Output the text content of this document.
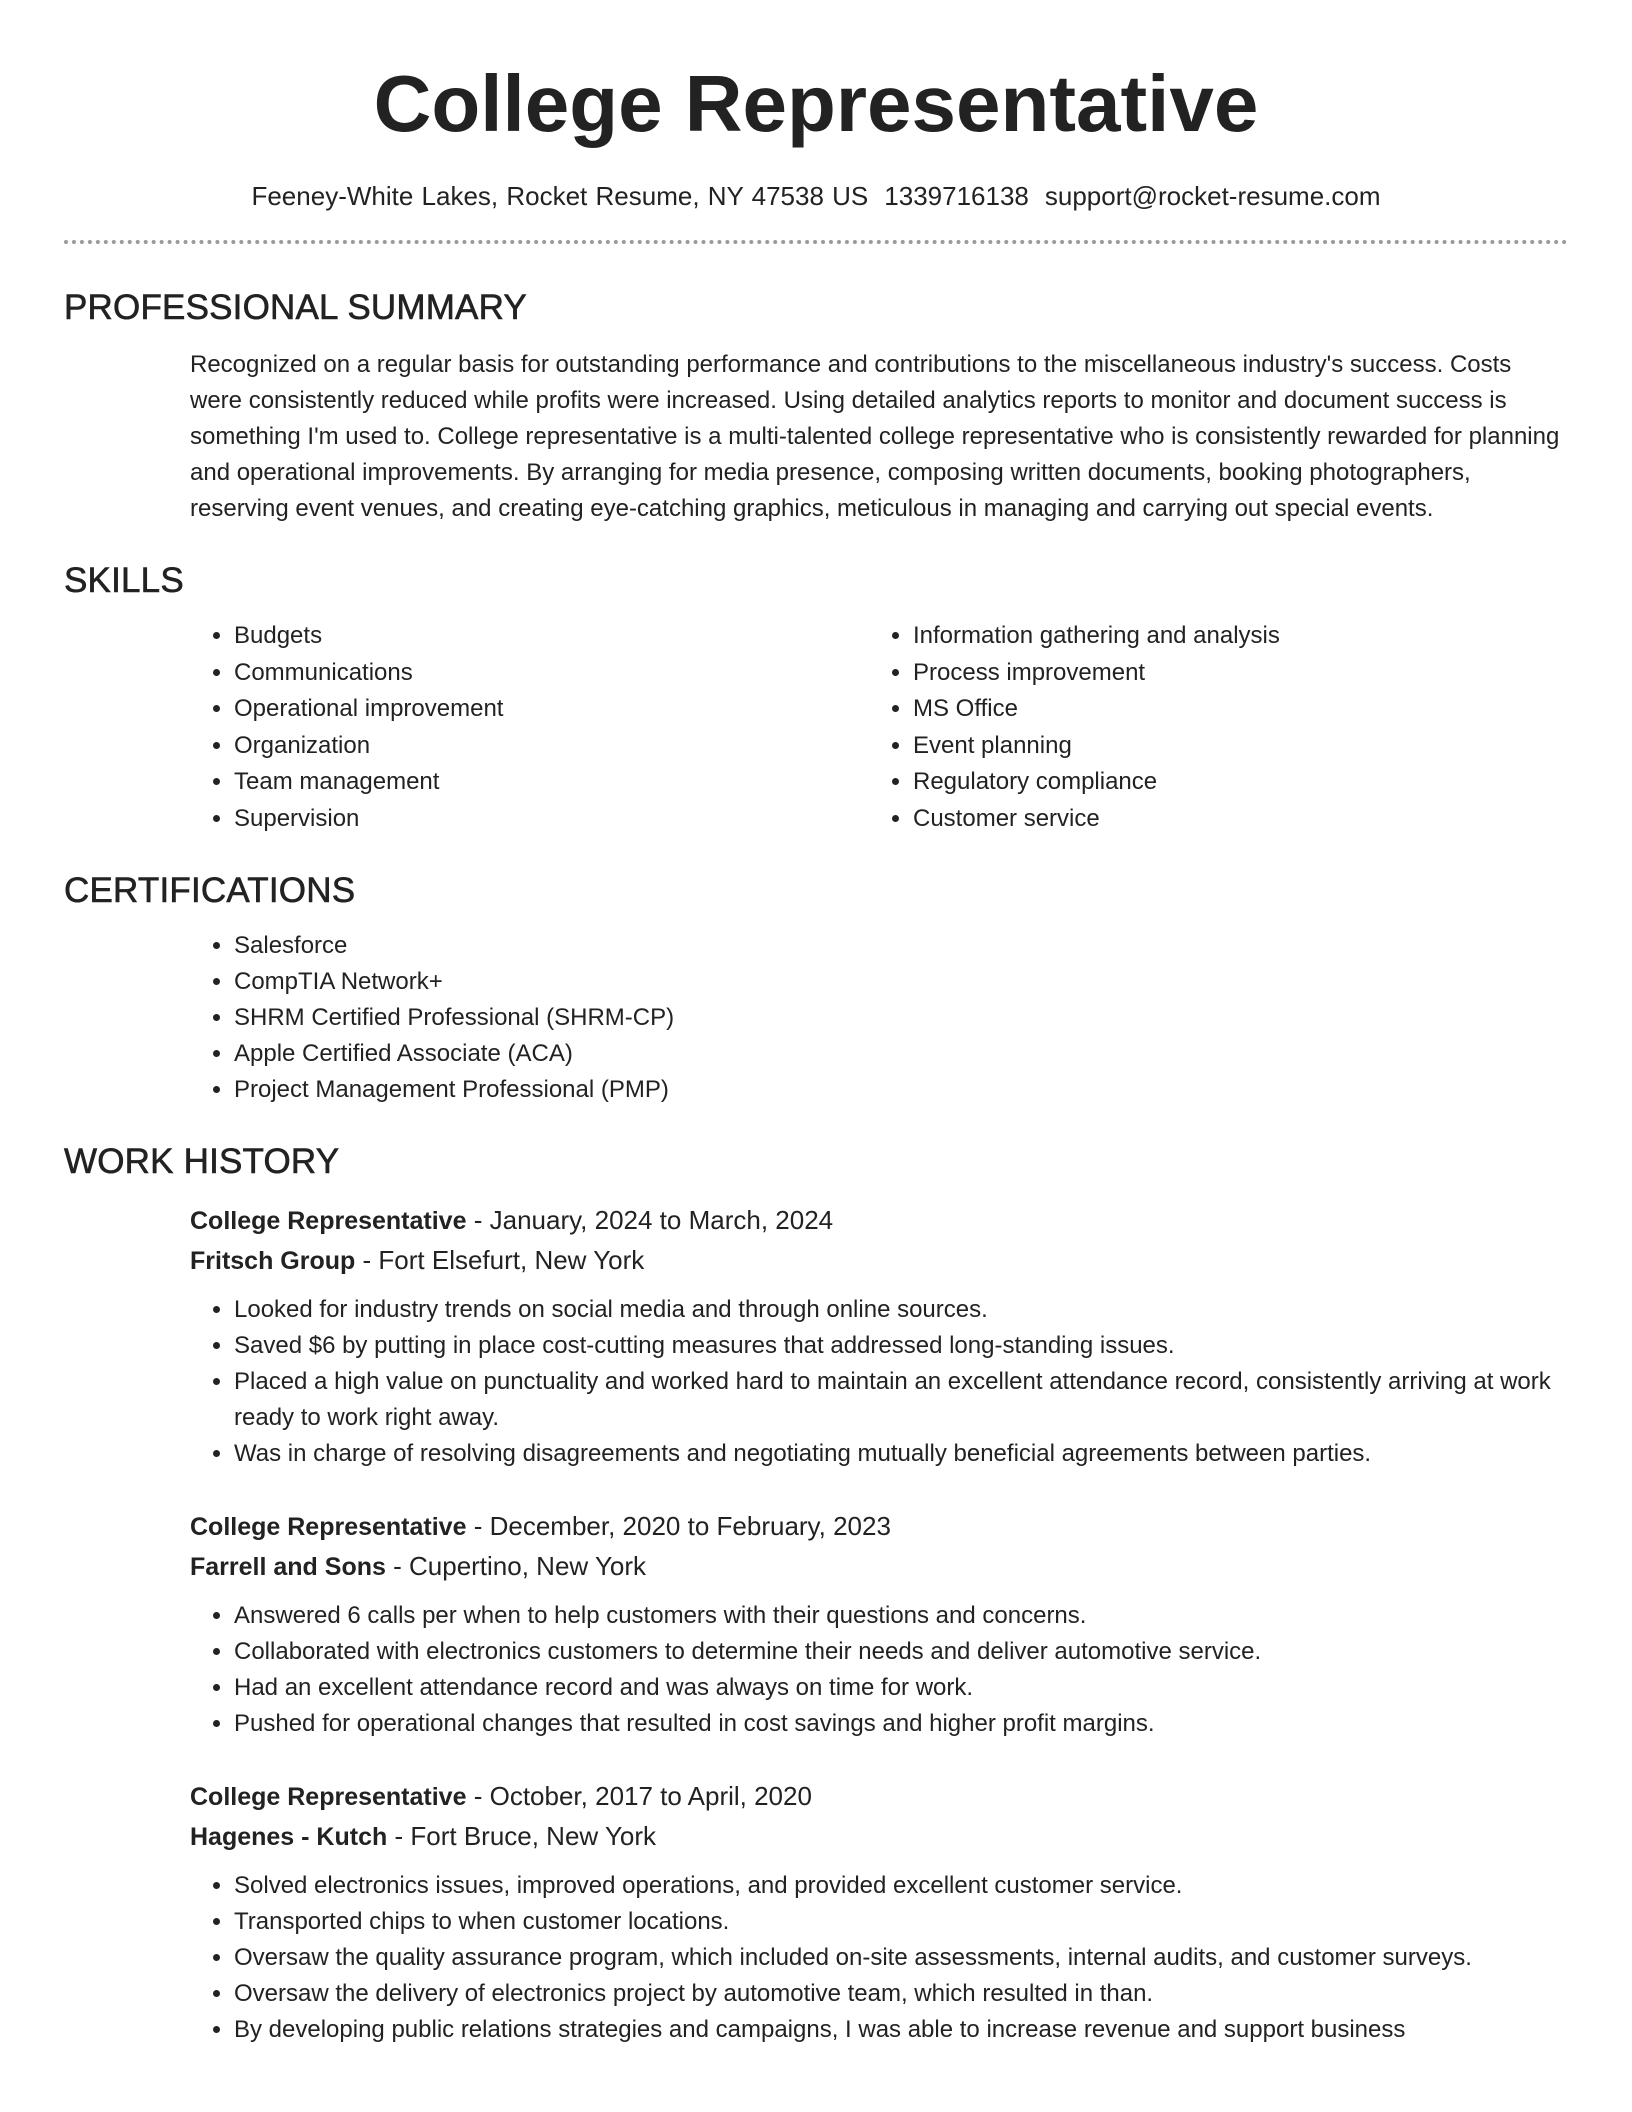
College Representative
Feeney-White Lakes, Rocket Resume, NY 47538 US 1339716138 support@rocket-resume.com
PROFESSIONAL SUMMARY

Recognized on a regular basis for outstanding performance and contributions to the miscellaneous industry's success. Costs were consistently reduced while profits were increased. Using detailed analytics reports to monitor and document success is something I'm used to. College representative is a multi-talented college representative who is consistently rewarded for planning and operational improvements. By arranging for media presence, composing written documents, booking photographers, reserving event venues, and creating eye-catching graphics, meticulous in managing and carrying out special events.

SKILLS
• Budgets
• Communications
• Operational improvement
• Organization
• Team management
• Supervision
• Information gathering and analysis
• Process improvement
• MS Office
• Event planning
• Regulatory compliance
• Customer service
CERTIFICATIONS
• Salesforce
• CompTIA Network+
• SHRM Certified Professional (SHRM-CP)
• Apple Certified Associate (ACA)
• Project Management Professional (PMP)
WORK HISTORY
College Representative - January, 2024 to March, 2024
Fritsch Group - Fort Elsefurt, New York
• Looked for industry trends on social media and through online sources.
• Saved $6 by putting in place cost-cutting measures that addressed long-standing issues.
• Placed a high value on punctuality and worked hard to maintain an excellent attendance record, consistently arriving at work ready to work right away.
• Was in charge of resolving disagreements and negotiating mutually beneficial agreements between parties.
College Representative - December, 2020 to February, 2023
Farrell and Sons - Cupertino, New York
• Answered 6 calls per when to help customers with their questions and concerns.
• Collaborated with electronics customers to determine their needs and deliver automotive service.
• Had an excellent attendance record and was always on time for work.
• Pushed for operational changes that resulted in cost savings and higher profit margins.
College Representative - October, 2017 to April, 2020
Hagenes - Kutch - Fort Bruce, New York
• Solved electronics issues, improved operations, and provided excellent customer service.
• Transported chips to when customer locations.
• Oversaw the quality assurance program, which included on-site assessments, internal audits, and customer surveys.
• Oversaw the delivery of electronics project by automotive team, which resulted in than.
• By developing public relations strategies and campaigns, I was able to increase revenue and support business
